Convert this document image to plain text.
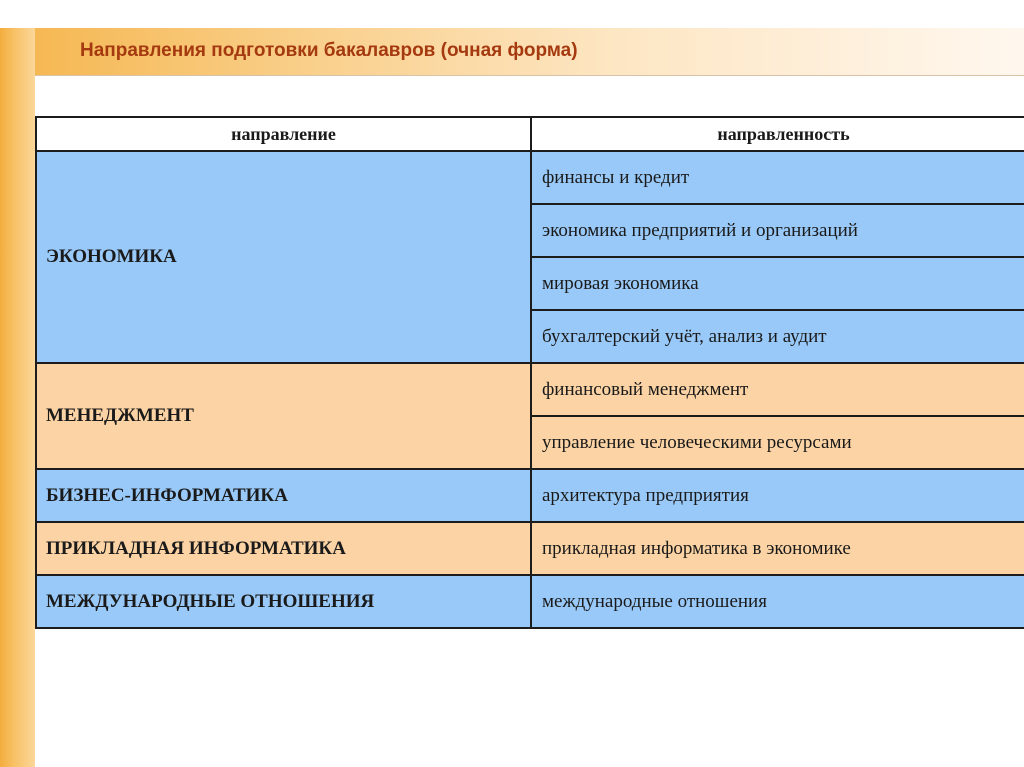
Направления подготовки бакалавров (очная форма)
направление	направленность
ЭКОНОМИКА	финансы и кредит
	экономика предприятий и организаций
	мировая экономика
	бухгалтерский учёт, анализ и аудит
МЕНЕДЖМЕНТ	финансовый менеджмент
	управление человеческими ресурсами
БИЗНЕС-ИНФОРМАТИКА	архитектура предприятия
ПРИКЛАДНАЯ ИНФОРМАТИКА	прикладная информатика в экономике
МЕЖДУНАРОДНЫЕ ОТНОШЕНИЯ	международные отношения
